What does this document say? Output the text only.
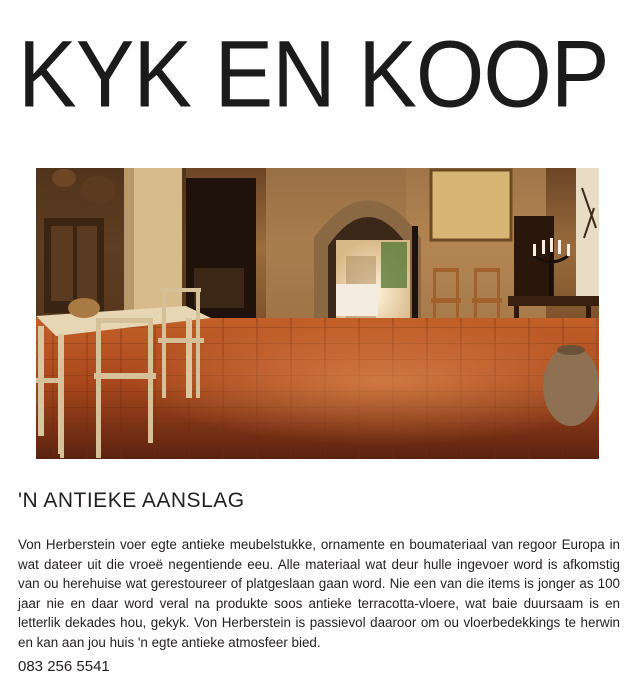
KYK EN KOOP
'N ANTIEKE AANSLAG
Von Herberstein voer egte antieke meubelstukke, ornamente en boumateriaal van regoor Europa in wat dateer uit die vroeë negentiende eeu. Alle materiaal wat deur hulle ingevoer word is afkomstig van ou herehuise wat gerestoureer of platgeslaan gaan word. Nie een van die items is jonger as 100 jaar nie en daar word veral na produkte soos antieke terracotta-vloere, wat baie duursaam is en letterlik dekades hou, gekyk. Von Herberstein is passievol daaroor om ou vloerbedekkings te herwin en kan aan jou huis 'n egte antieke atmosfeer bied.
083 256 5541
